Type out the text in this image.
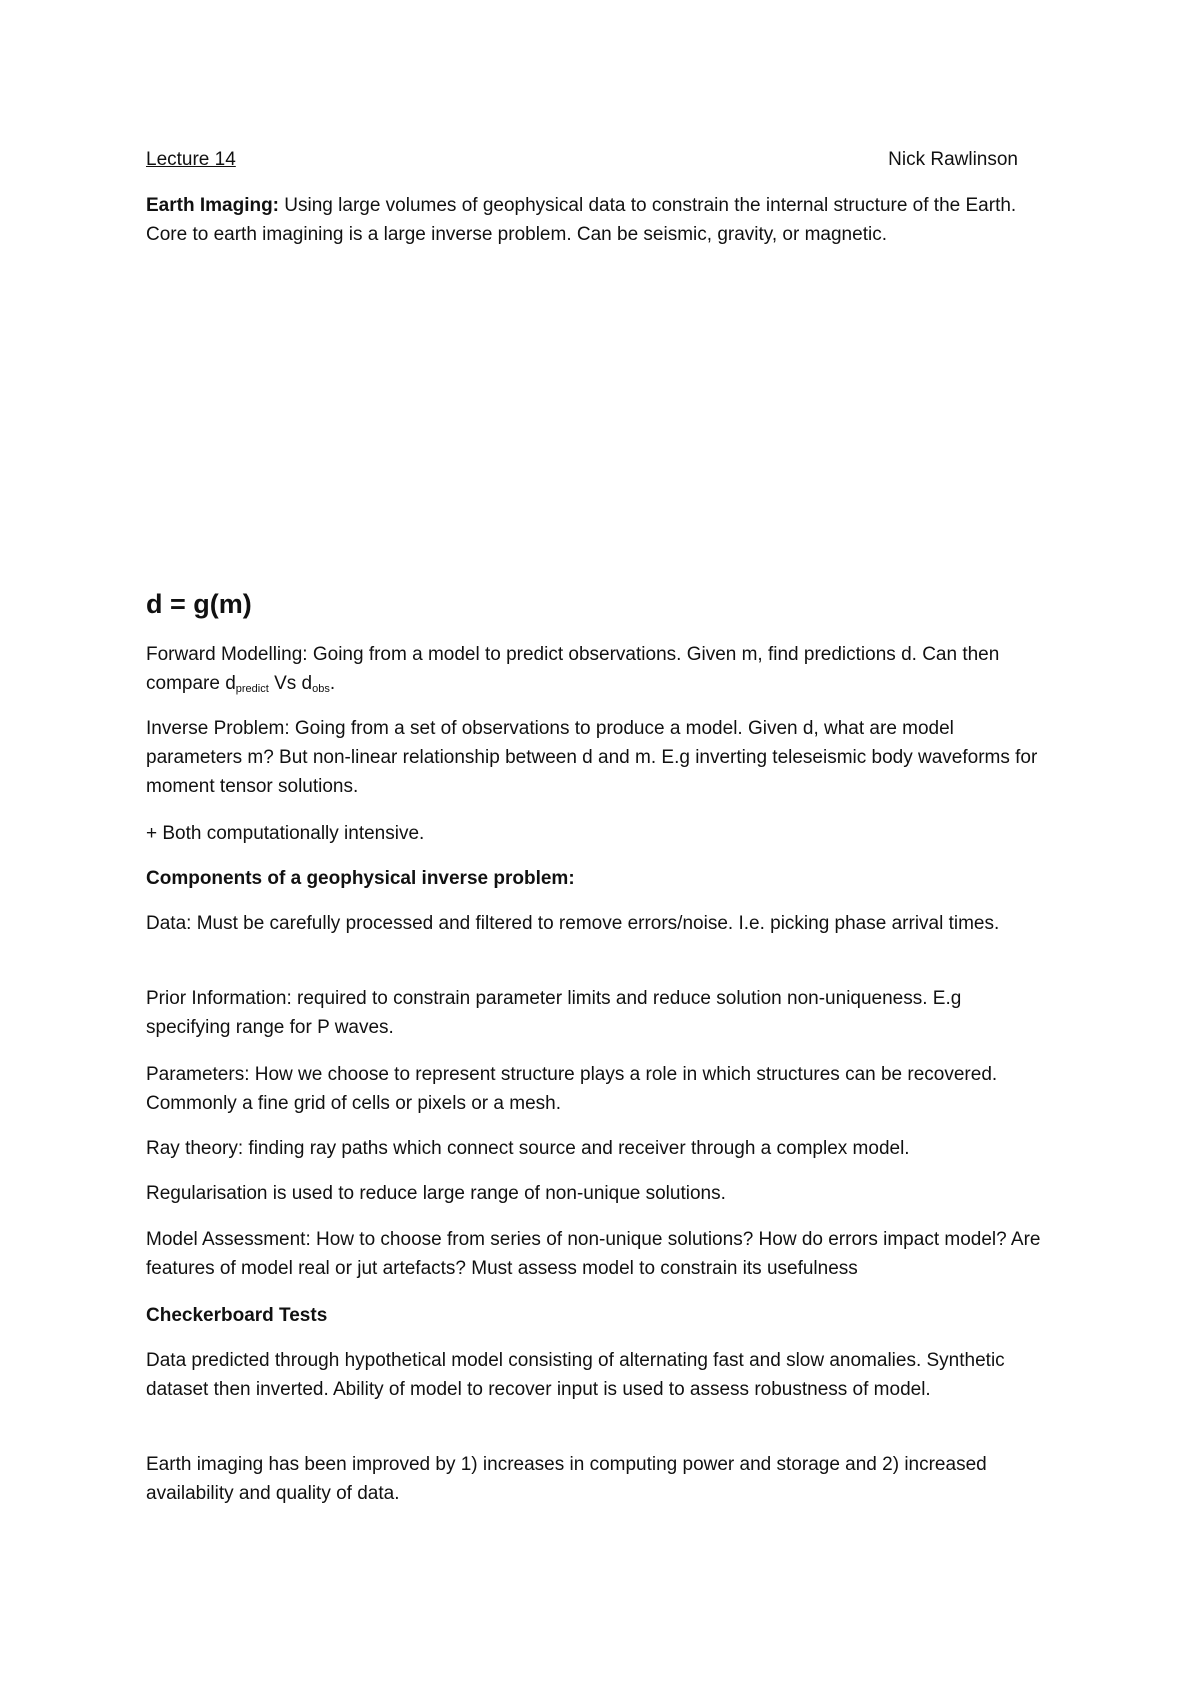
Lecture 14	Nick Rawlinson

Earth Imaging: Using large volumes of geophysical data to constrain the internal structure of the Earth. Core to earth imagining is a large inverse problem. Can be seismic, gravity, or magnetic.

d = g(m)

Forward Modelling: Going from a model to predict observations. Given m, find predictions d. Can then compare $d_{predict}$ Vs $d_{obs}$.

Inverse Problem: Going from a set of observations to produce a model. Given d, what are model parameters m? But non-linear relationship between d and m. E.g inverting teleseismic body waveforms for moment tensor solutions.

+ Both computationally intensive.

Components of a geophysical inverse problem:

Data: Must be carefully processed and filtered to remove errors/noise. I.e. picking phase arrival times.

Prior Information: required to constrain parameter limits and reduce solution non-uniqueness. E.g specifying range for P waves.

Parameters: How we choose to represent structure plays a role in which structures can be recovered. Commonly a fine grid of cells or pixels or a mesh.

Ray theory: finding ray paths which connect source and receiver through a complex model.

Regularisation is used to reduce large range of non-unique solutions.

Model Assessment: How to choose from series of non-unique solutions? How do errors impact model? Are features of model real or jut artefacts? Must assess model to constrain its usefulness

Checkerboard Tests

Data predicted through hypothetical model consisting of alternating fast and slow anomalies. Synthetic dataset then inverted. Ability of model to recover input is used to assess robustness of model.

Earth imaging has been improved by 1) increases in computing power and storage and 2) increased availability and quality of data.
